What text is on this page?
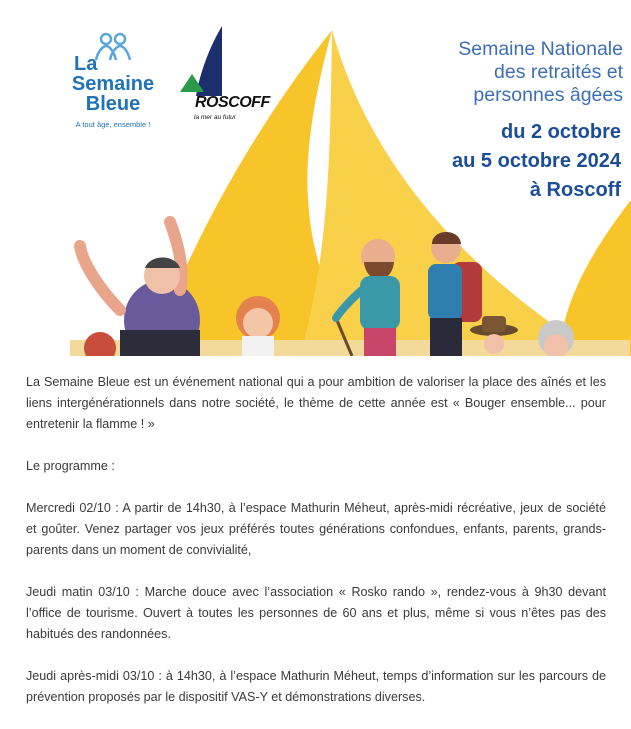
La
Semaine
Bleue
A tout âge, ensemble !
ROSCOFF
la mer au futur
Semaine Nationale
des retraités et
personnes âgées
du 2 octobre
au 5 octobre 2024
à Roscoff

La Semaine Bleue est un événement national qui a pour ambition de valoriser la place des aînés et les liens intergénérationnels dans notre société, le thème de cette année est « Bouger ensemble... pour entretenir la flamme ! »

Le programme :

Mercredi 02/10 : A partir de 14h30, à l’espace Mathurin Méheut, après-midi récréative, jeux de société et goûter. Venez partager vos jeux préférés toutes générations confondues, enfants, parents, grands-parents dans un moment de convivialité,

Jeudi matin 03/10 : Marche douce avec l’association « Rosko rando », rendez-vous à 9h30 devant l’office de tourisme. Ouvert à toutes les personnes de 60 ans et plus, même si vous n’êtes pas des habitués des randonnées.

Jeudi après-midi 03/10 : à 14h30, à l’espace Mathurin Méheut, temps d’information sur les parcours de prévention proposés par le dispositif VAS-Y et démonstrations diverses.
